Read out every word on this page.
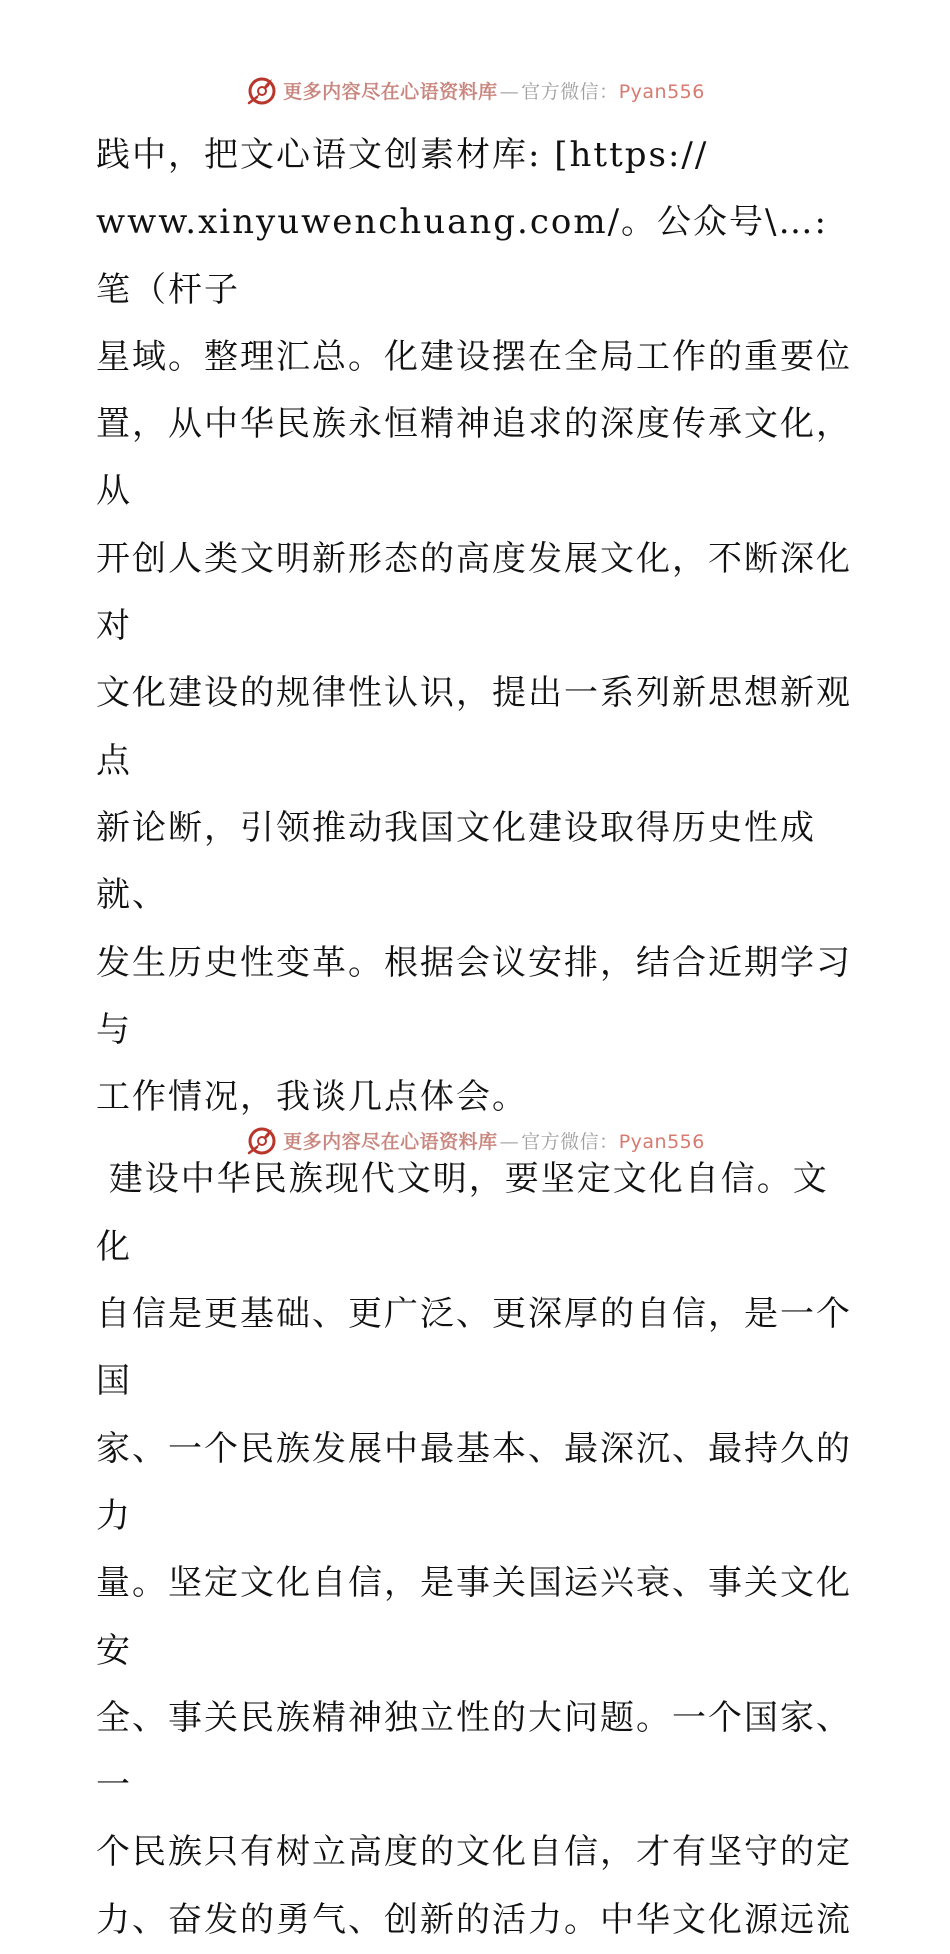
更多内容尽在心语资料库 — 官方微信：Pyan556

践中，把文心语文创素材库: [https://
www.xinyuwenchuang.com/。公众号\…: 笔（杆子
星域。整理汇总。化建设摆在全局工作的重要位
置，从中华民族永恒精神追求的深度传承文化，从
开创人类文明新形态的高度发展文化，不断深化对
文化建设的规律性认识，提出一系列新思想新观点
新论断，引领推动我国文化建设取得历史性成就、
发生历史性变革。根据会议安排，结合近期学习与
工作情况，我谈几点体会。

建设中华民族现代文明，要坚定文化自信。文化
自信是更基础、更广泛、更深厚的自信，是一个国
家、一个民族发展中最基本、最深沉、最持久的力
量。坚定文化自信，是事关国运兴衰、事关文化安
全、事关民族精神独立性的大问题。一个国家、一
个民族只有树立高度的文化自信，才有坚守的定
力、奋发的勇气、创新的活力。中华文化源远流

更多内容尽在心语资料库 — 官方微信：Pyan556
